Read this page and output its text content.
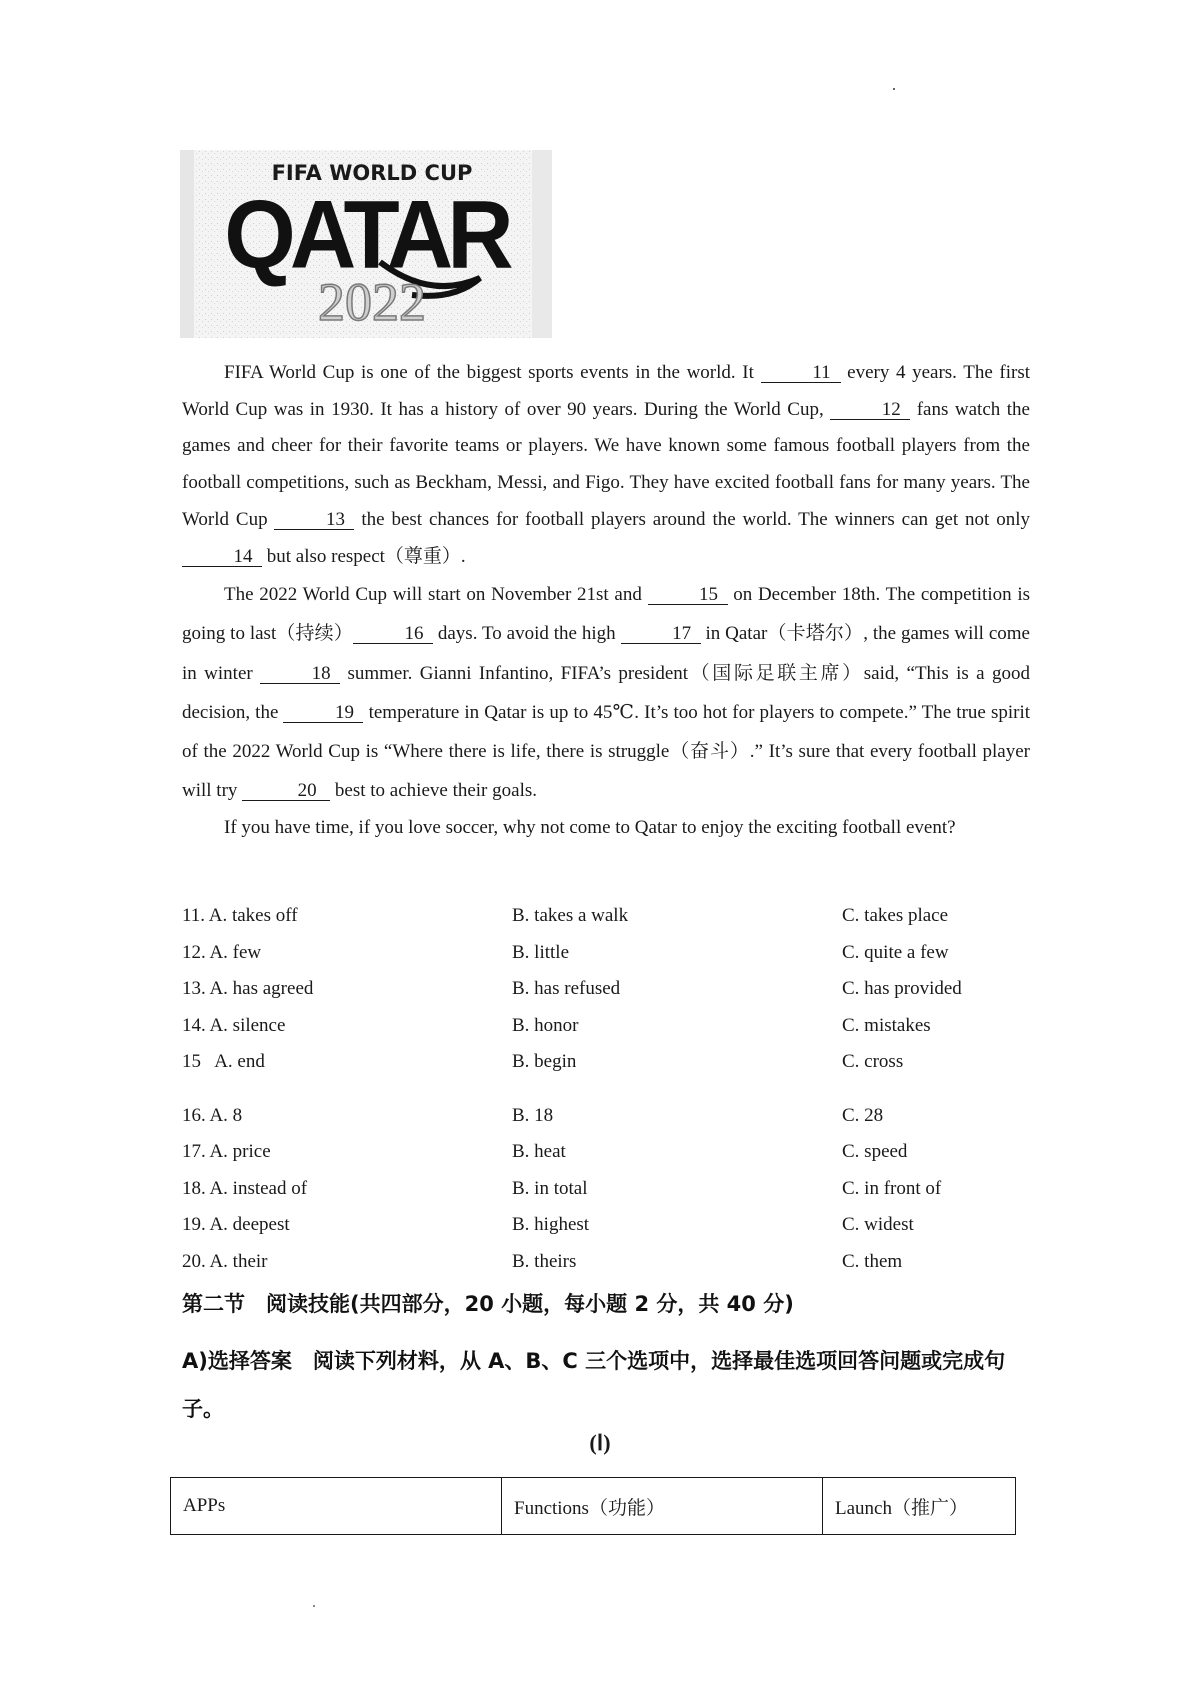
FIFA WORLD CUP
QATAR
2022

FIFA World Cup is one of the biggest sports events in the world. It	11 every 4 years. The first World Cup was in 1930. It has a history of over 90 years. During the World Cup,	12 fans watch the games and cheer for their favorite teams or players. We have known some famous football players from the football competitions, such as Beckham, Messi, and Figo. They have excited football fans for many years. The World Cup	13 the best chances for football players around the world. The winners can get not only 14 but also respect（尊重）.

The 2022 World Cup will start on November 21st and	15 on December 18th. The competition is going to last（持续）	16 days. To avoid the high	17 in Qatar（卡塔尔）, the games will come in winter	18 summer. Gianni Infantino, FIFA’s president（国际足联主席）said, “This is a good decision, the	19 temperature in Qatar is up to 45℃. It’s too hot for players to compete.” The true spirit of the 2022 World Cup is “Where there is life, there is struggle（奋斗）.” It’s sure that every football player will try	20 best to achieve their goals.

If you have time, if you love soccer, why not come to Qatar to enjoy the exciting football event?

11. A. takes off	B. takes a walk	C. takes place
12. A. few	B. little	C. quite a few
13. A. has agreed	B. has refused	C. has provided
14. A. silence	B. honor	C. mistakes
15   A. end	B. begin	C. cross
16. A. 8	B. 18	C. 28
17. A. price	B. heat	C. speed
18. A. instead of	B. in total	C. in front of
19. A. deepest	B. highest	C. widest
20. A. their	B. theirs	C. them
第二节　阅读技能(共四部分，20 小题，每小题 2 分，共 40 分)
A)选择答案　阅读下列材料，从 A、B、C 三个选项中，选择最佳选项回答问题或完成句子。
(Ⅰ)
APPs	Functions（功能）	Launch（推广）
